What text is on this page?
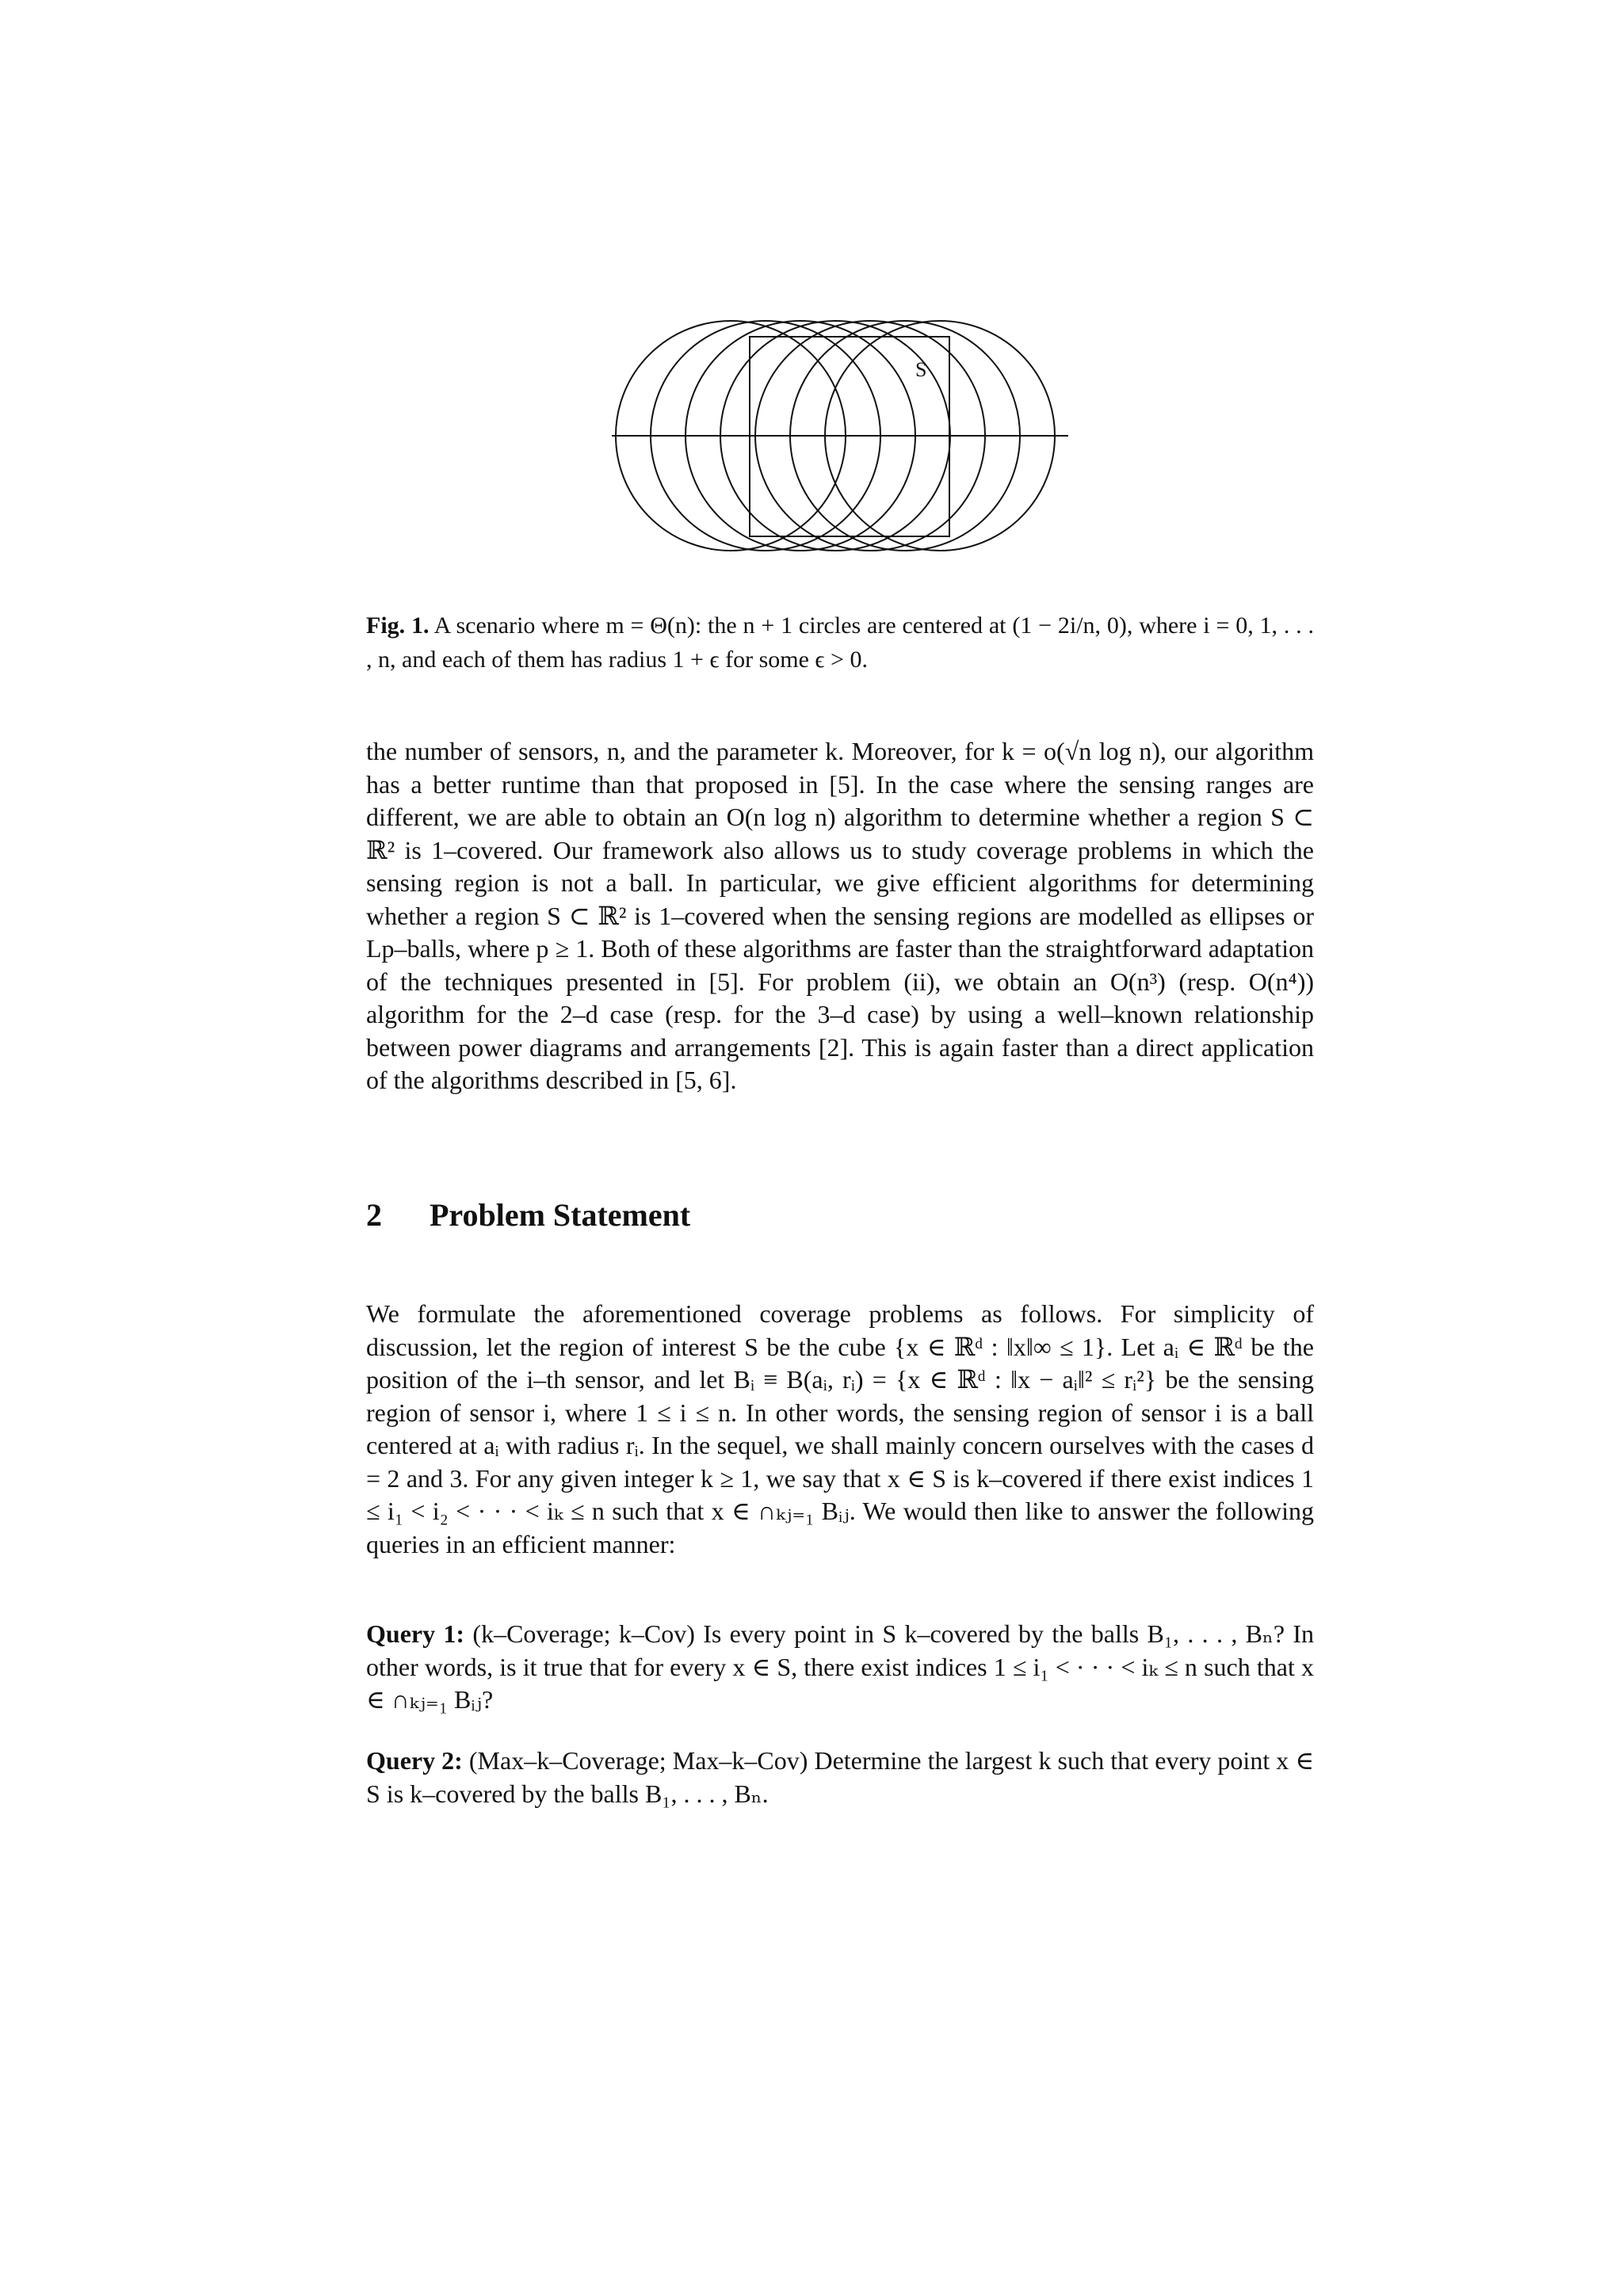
S
Fig. 1. A scenario where m = Θ(n): the n + 1 circles are centered at (1 − 2i/n, 0), where i = 0, 1, . . . , n, and each of them has radius 1 + ϵ for some ϵ > 0.

the number of sensors, n, and the parameter k. Moreover, for k = o(√n log n), our algorithm has a better runtime than that proposed in [5]. In the case where the sensing ranges are different, we are able to obtain an O(n log n) algorithm to determine whether a region S ⊂ ℝ² is 1–covered. Our framework also allows us to study coverage problems in which the sensing region is not a ball. In particular, we give efficient algorithms for determining whether a region S ⊂ ℝ² is 1–covered when the sensing regions are modelled as ellipses or Lp–balls, where p ≥ 1. Both of these algorithms are faster than the straightforward adaptation of the techniques presented in [5]. For problem (ii), we obtain an O(n³) (resp. O(n⁴)) algorithm for the 2–d case (resp. for the 3–d case) by using a well–known relationship between power diagrams and arrangements [2]. This is again faster than a direct application of the algorithms described in [5, 6].

2 Problem Statement

We formulate the aforementioned coverage problems as follows. For simplicity of discussion, let the region of interest S be the cube {x ∈ ℝᵈ : ‖x‖∞ ≤ 1}. Let aᵢ ∈ ℝᵈ be the position of the i–th sensor, and let Bᵢ ≡ B(aᵢ, rᵢ) = {x ∈ ℝᵈ : ‖x − aᵢ‖² ≤ rᵢ²} be the sensing region of sensor i, where 1 ≤ i ≤ n. In other words, the sensing region of sensor i is a ball centered at aᵢ with radius rᵢ. In the sequel, we shall mainly concern ourselves with the cases d = 2 and 3. For any given integer k ≥ 1, we say that x ∈ S is k–covered if there exist indices 1 ≤ i₁ < i₂ < · · · < iₖ ≤ n such that x ∈ ∩ₖⱼ₌₁ Bᵢⱼ. We would then like to answer the following queries in an efficient manner:

Query 1: (k–Coverage; k–Cov) Is every point in S k–covered by the balls B₁, . . . , Bₙ? In other words, is it true that for every x ∈ S, there exist indices 1 ≤ i₁ < · · · < iₖ ≤ n such that x ∈ ∩ₖⱼ₌₁ Bᵢⱼ?

Query 2: (Max–k–Coverage; Max–k–Cov) Determine the largest k such that every point x ∈ S is k–covered by the balls B₁, . . . , Bₙ.
